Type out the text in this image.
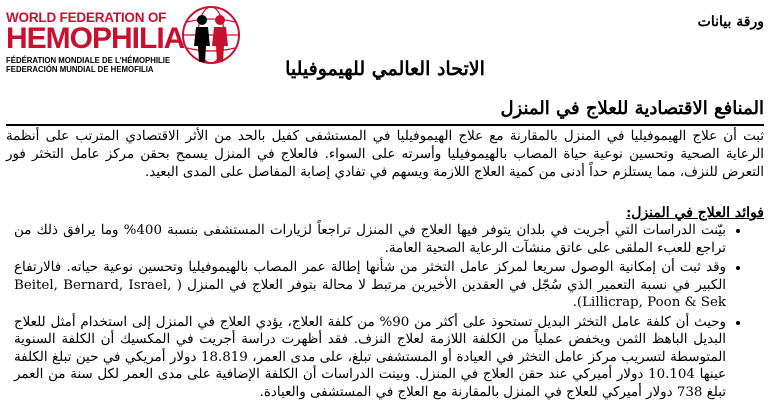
WORLD FEDERATION OF
HEMOPHILIA
FÉDÉRATION MONDIALE DE L'HÉMOPHILIE
FEDERACIÓN MUNDIAL DE HEMOFILIA
ورقة بيانات
الاتحاد العالمي للهيموفيليا
المنافع الاقتصادية للعلاج في المنزل
ثبت أن علاج الهيموفيليا في المنزل بالمقارنة مع علاج الهيموفيليا في المستشفى كفيل بالحد من الأثر الاقتصادي المترتب على أنظمة الرعاية الصحية وتحسين نوعية حياة المصاب بالهيموفيليا وأسرته على السواء. فالعلاج في المنزل يسمح بحقن مركز عامل التخثر فور التعرض للنزف، مما يستلزم حداً أدنى من كمية العلاج اللازمة ويسهم في تفادي إصابة المفاصل على المدى البعيد.
فوائد العلاج في المنزل:
• بيّنت الدراسات التي أجريت في بلدان يتوفر فيها العلاج في المنزل تراجعاً لزيارات المستشفى بنسبة 400% وما يرافق ذلك من تراجع للعبء الملقى على عاتق منشآت الرعاية الصحية العامة.
• وقد ثبت أن إمكانية الوصول سريعا لمركز عامل التخثر من شأنها إطالة عمر المصاب بالهيموفيليا وتحسين نوعية حياته. فالارتفاع الكبير في نسبة التعمير الذي سُجّل في العقدين الأخيرين مرتبط لا محالة بتوفر العلاج في المنزل ( Beitel, Bernard, Israel, Lillicrap, Poon & Sek).
• وحيث أن كلفة عامل التخثر البديل تستحوذ على أكثر من 90% من كلفة العلاج، يؤدي العلاج في المنزل إلى استخدام أمثل للعلاج البديل الباهظ الثمن ويخفض عملياً من الكلفة اللازمة لعلاج النزف. فقد أظهرت دراسة أجريت في المكسيك أن الكلفة السنوية المتوسطة لتسريب مركز عامل التخثر في العيادة أو المستشفى تبلغ، على مدى العمر، 18.819 دولار أمريكي في حين تبلغ الكلفة عينها 10.104 دولار أميركي عند حقن العلاج في المنزل. وبينت الدراسات أن الكلفة الإضافية على مدى العمر لكل سنة من العمر تبلغ 738 دولار أميركي للعلاج في المنزل بالمقارنة مع العلاج في المستشفى والعيادة.
